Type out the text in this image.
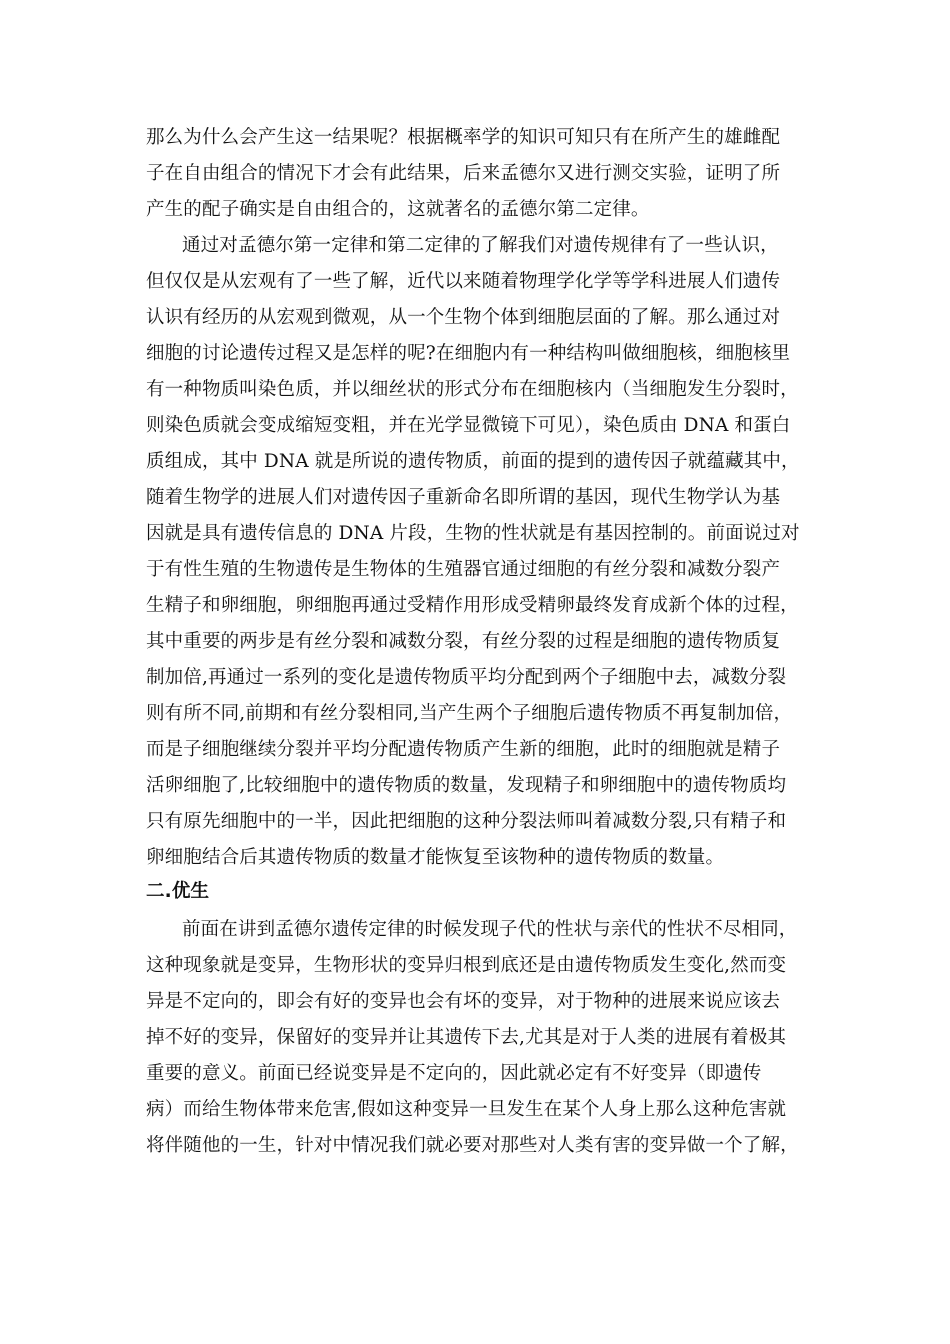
那么为什么会产生这一结果呢？根据概率学的知识可知只有在所产生的雄雌配
子在自由组合的情况下才会有此结果，后来孟德尔又进行测交实验，证明了所
产生的配子确实是自由组合的，这就著名的孟德尔第二定律。
通过对孟德尔第一定律和第二定律的了解我们对遗传规律有了一些认识，
但仅仅是从宏观有了一些了解，近代以来随着物理学化学等学科进展人们遗传
认识有经历的从宏观到微观，从一个生物个体到细胞层面的了解。那么通过对
细胞的讨论遗传过程又是怎样的呢?在细胞内有一种结构叫做细胞核，细胞核里
有一种物质叫染色质，并以细丝状的形式分布在细胞核内（当细胞发生分裂时，
则染色质就会变成缩短变粗，并在光学显微镜下可见），染色质由 DNA 和蛋白
质组成，其中 DNA 就是所说的遗传物质，前面的提到的遗传因子就蕴藏其中，
随着生物学的进展人们对遗传因子重新命名即所谓的基因，现代生物学认为基
因就是具有遗传信息的 DNA 片段，生物的性状就是有基因控制的。前面说过对
于有性生殖的生物遗传是生物体的生殖器官通过细胞的有丝分裂和减数分裂产
生精子和卵细胞，卵细胞再通过受精作用形成受精卵最终发育成新个体的过程，
其中重要的两步是有丝分裂和减数分裂，有丝分裂的过程是细胞的遗传物质复
制加倍,再通过一系列的变化是遗传物质平均分配到两个子细胞中去，减数分裂
则有所不同,前期和有丝分裂相同,当产生两个子细胞后遗传物质不再复制加倍，
而是子细胞继续分裂并平均分配遗传物质产生新的细胞，此时的细胞就是精子
活卵细胞了,比较细胞中的遗传物质的数量，发现精子和卵细胞中的遗传物质均
只有原先细胞中的一半，因此把细胞的这种分裂法师叫着减数分裂,只有精子和
卵细胞结合后其遗传物质的数量才能恢复至该物种的遗传物质的数量。
二.优生
前面在讲到孟德尔遗传定律的时候发现子代的性状与亲代的性状不尽相同，
这种现象就是变异，生物形状的变异归根到底还是由遗传物质发生变化,然而变
异是不定向的，即会有好的变异也会有坏的变异，对于物种的进展来说应该去
掉不好的变异，保留好的变异并让其遗传下去,尤其是对于人类的进展有着极其
重要的意义。前面已经说变异是不定向的，因此就必定有不好变异（即遗传
病）而给生物体带来危害,假如这种变异一旦发生在某个人身上那么这种危害就
将伴随他的一生，针对中情况我们就必要对那些对人类有害的变异做一个了解，
